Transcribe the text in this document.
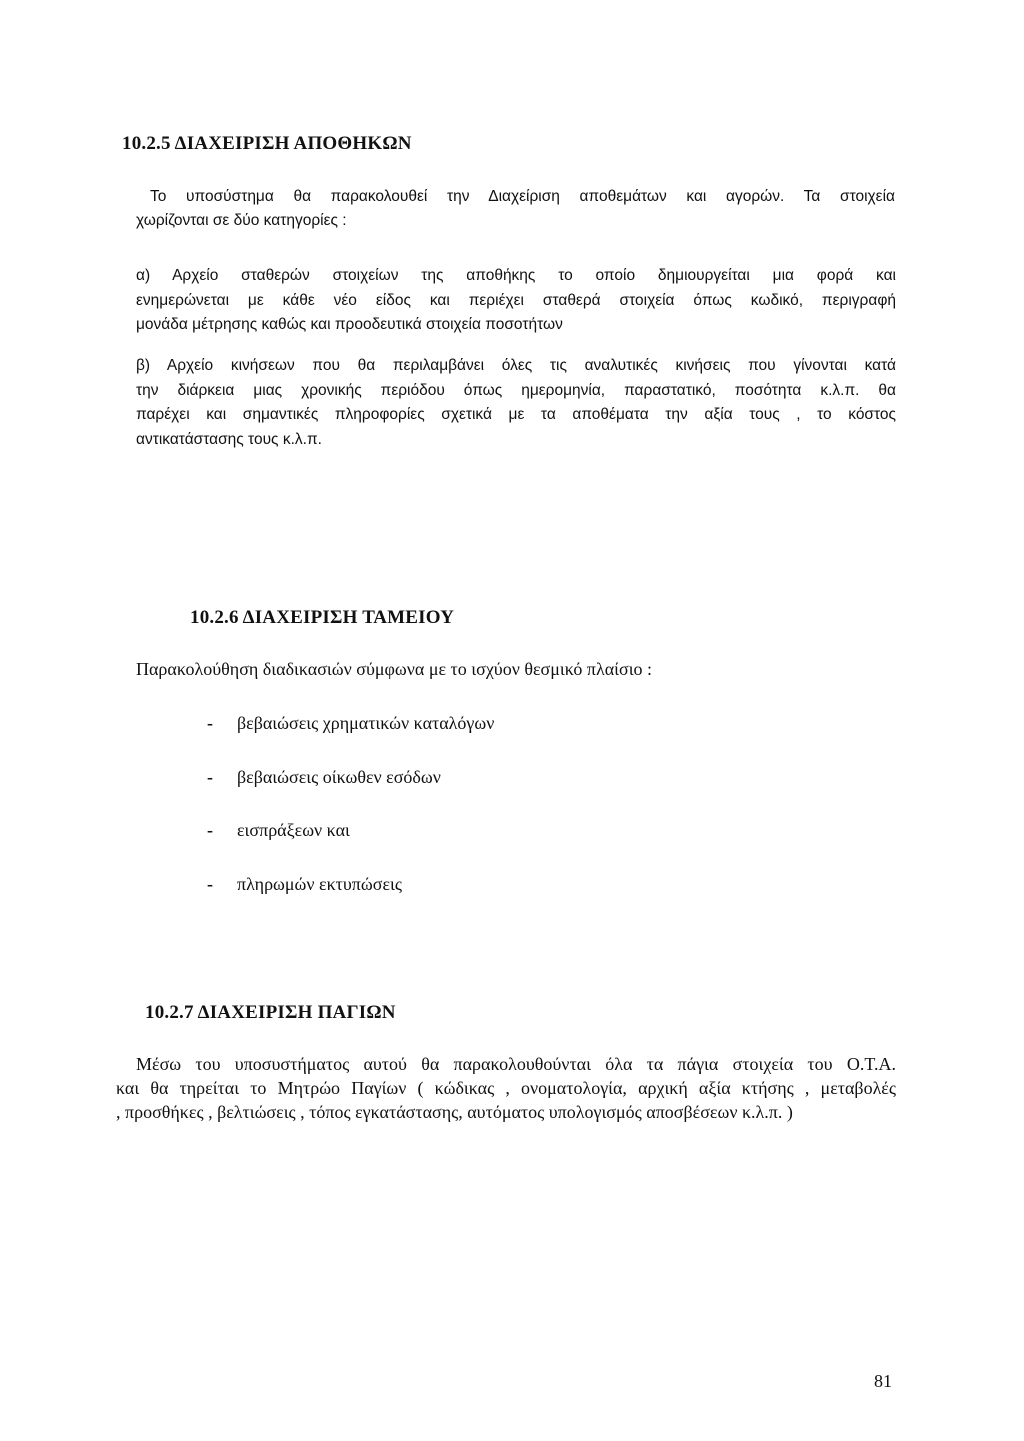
10.2.5 ΔΙΑΧΕΙΡΙΣΗ ΑΠΟΘΗΚΩΝ
Το υποσύστημα θα παρακολουθεί την Διαχείριση αποθεμάτων και αγορών. Τα στοιχεία
χωρίζονται σε δύο κατηγορίες :
α) Αρχείο σταθερών στοιχείων της αποθήκης το οποίο δημιουργείται μια φορά και
ενημερώνεται με κάθε νέο είδος και περιέχει σταθερά στοιχεία όπως κωδικό, περιγραφή
μονάδα μέτρησης καθώς και προοδευτικά στοιχεία ποσοτήτων
β) Αρχείο κινήσεων που θα περιλαμβάνει όλες τις αναλυτικές κινήσεις που γίνονται κατά
την διάρκεια μιας χρονικής περιόδου όπως ημερομηνία, παραστατικό, ποσότητα κ.λ.π. θα
παρέχει και σημαντικές πληροφορίες σχετικά με τα αποθέματα την αξία τους , το κόστος
αντικατάστασης τους κ.λ.π.
10.2.6 ΔΙΑΧΕΙΡΙΣΗ ΤΑΜΕΙΟΥ
Παρακολούθηση διαδικασιών σύμφωνα με το ισχύον θεσμικό πλαίσιο :
- βεβαιώσεις χρηματικών καταλόγων
- βεβαιώσεις οίκωθεν εσόδων
- εισπράξεων και
- πληρωμών εκτυπώσεις
10.2.7 ΔΙΑΧΕΙΡΙΣΗ ΠΑΓΙΩΝ
Μέσω του υποσυστήματος αυτού θα παρακολουθούνται όλα τα πάγια στοιχεία του Ο.Τ.Α.
και θα τηρείται το Μητρώο Παγίων ( κώδικας , ονοματολογία, αρχική αξία κτήσης , μεταβολές
, προσθήκες , βελτιώσεις , τόπος εγκατάστασης, αυτόματος υπολογισμός αποσβέσεων κ.λ.π. )
81
